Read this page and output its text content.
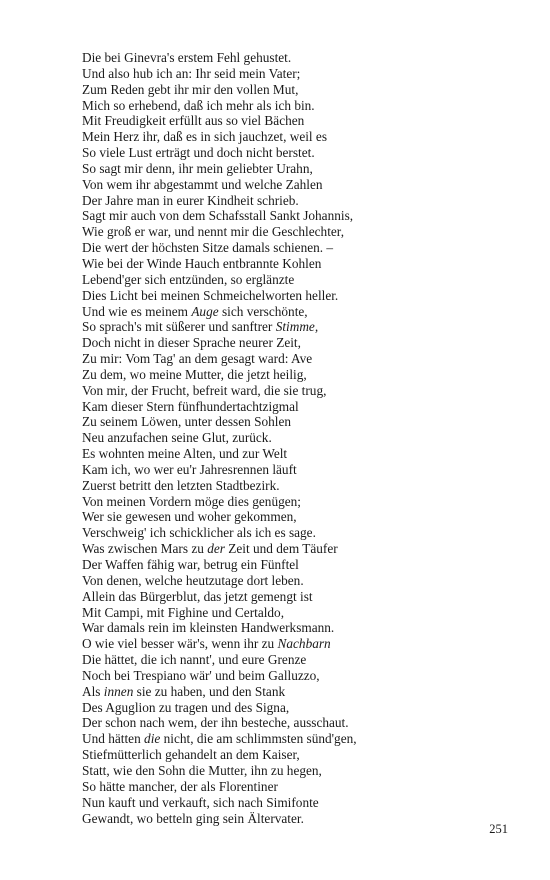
Die bei Ginevra's erstem Fehl gehustet.
Und also hub ich an: Ihr seid mein Vater;
Zum Reden gebt ihr mir den vollen Mut,
Mich so erhebend, daß ich mehr als ich bin.
Mit Freudigkeit erfüllt aus so viel Bächen
Mein Herz ihr, daß es in sich jauchzet, weil es
So viele Lust erträgt und doch nicht berstet.
So sagt mir denn, ihr mein geliebter Urahn,
Von wem ihr abgestammt und welche Zahlen
Der Jahre man in eurer Kindheit schrieb.
Sagt mir auch von dem Schafsstall Sankt Johannis,
Wie groß er war, und nennt mir die Geschlechter,
Die wert der höchsten Sitze damals schienen. –
Wie bei der Winde Hauch entbrannte Kohlen
Lebend'ger sich entzünden, so erglänzte
Dies Licht bei meinen Schmeichelworten heller.
Und wie es meinem Auge sich verschönte,
So sprach's mit süßerer und sanftrer Stimme,
Doch nicht in dieser Sprache neurer Zeit,
Zu mir: Vom Tag' an dem gesagt ward: Ave
Zu dem, wo meine Mutter, die jetzt heilig,
Von mir, der Frucht, befreit ward, die sie trug,
Kam dieser Stern fünfhundertachtzigmal
Zu seinem Löwen, unter dessen Sohlen
Neu anzufachen seine Glut, zurück.
Es wohnten meine Alten, und zur Welt
Kam ich, wo wer eu'r Jahresrennen läuft
Zuerst betritt den letzten Stadtbezirk.
Von meinen Vordern möge dies genügen;
Wer sie gewesen und woher gekommen,
Verschweig' ich schicklicher als ich es sage.
Was zwischen Mars zu der Zeit und dem Täufer
Der Waffen fähig war, betrug ein Fünftel
Von denen, welche heutzutage dort leben.
Allein das Bürgerblut, das jetzt gemengt ist
Mit Campi, mit Fighine und Certaldo,
War damals rein im kleinsten Handwerksmann.
O wie viel besser wär's, wenn ihr zu Nachbarn
Die hättet, die ich nannt', und eure Grenze
Noch bei Trespiano wär' und beim Galluzzo,
Als innen sie zu haben, und den Stank
Des Aguglion zu tragen und des Signa,
Der schon nach wem, der ihn besteche, ausschaut.
Und hätten die nicht, die am schlimmsten sünd'gen,
Stiefmütterlich gehandelt an dem Kaiser,
Statt, wie den Sohn die Mutter, ihn zu hegen,
So hätte mancher, der als Florentiner
Nun kauft und verkauft, sich nach Simifonte
Gewandt, wo betteln ging sein Ältervater.
251
